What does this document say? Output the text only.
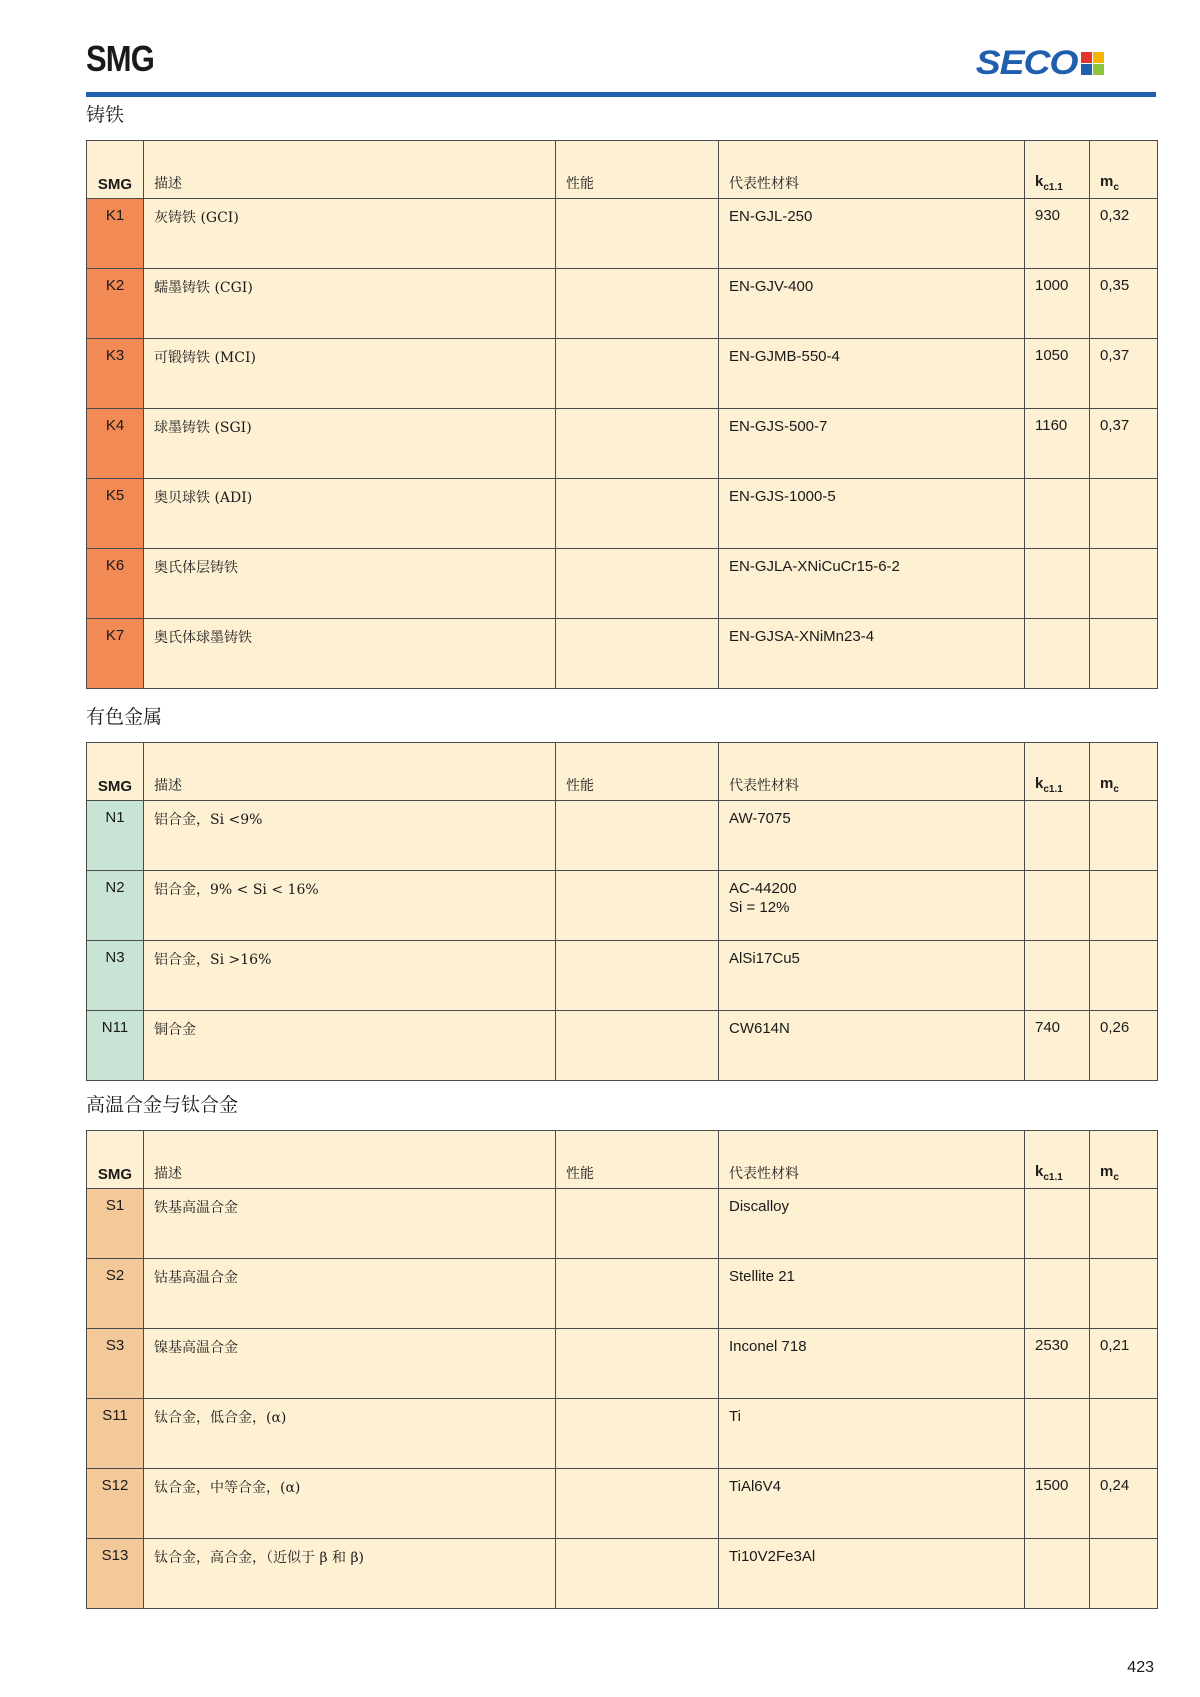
SMG	SECO
铸铁
SMG	描述	性能	代表性材料	$k_{c1.1}$	$m_c$
K1	灰铸铁 (GCI)		EN-GJL-250	930	0,32
K2	蠕墨铸铁 (CGI)		EN-GJV-400	1000	0,35
K3	可锻铸铁 (MCI)		EN-GJMB-550-4	1050	0,37
K4	球墨铸铁 (SGI)		EN-GJS-500-7	1160	0,37
K5	奥贝球铁 (ADI)		EN-GJS-1000-5		
K6	奥氏体层铸铁		EN-GJLA-XNiCuCr15-6-2		
K7	奥氏体球墨铸铁		EN-GJSA-XNiMn23-4		
有色金属
SMG	描述	性能	代表性材料	$k_{c1.1}$	$m_c$
N1	铝合金，Si <9%		AW-7075		
N2	铝合金，9% < Si < 16%		AC-44200
Si = 12%		
N3	铝合金，Si >16%		AlSi17Cu5		
N11	铜合金		CW614N	740	0,26
高温合金与钛合金
SMG	描述	性能	代表性材料	$k_{c1.1}$	$m_c$
S1	铁基高温合金		Discalloy		
S2	钴基高温合金		Stellite 21		
S3	镍基高温合金		Inconel 718	2530	0,21
S11	钛合金，低合金，(α)		Ti		
S12	钛合金，中等合金，(α)		TiAl6V4	1500	0,24
S13	钛合金，高合金，（近似于 β 和 β)		Ti10V2Fe3Al		
423
